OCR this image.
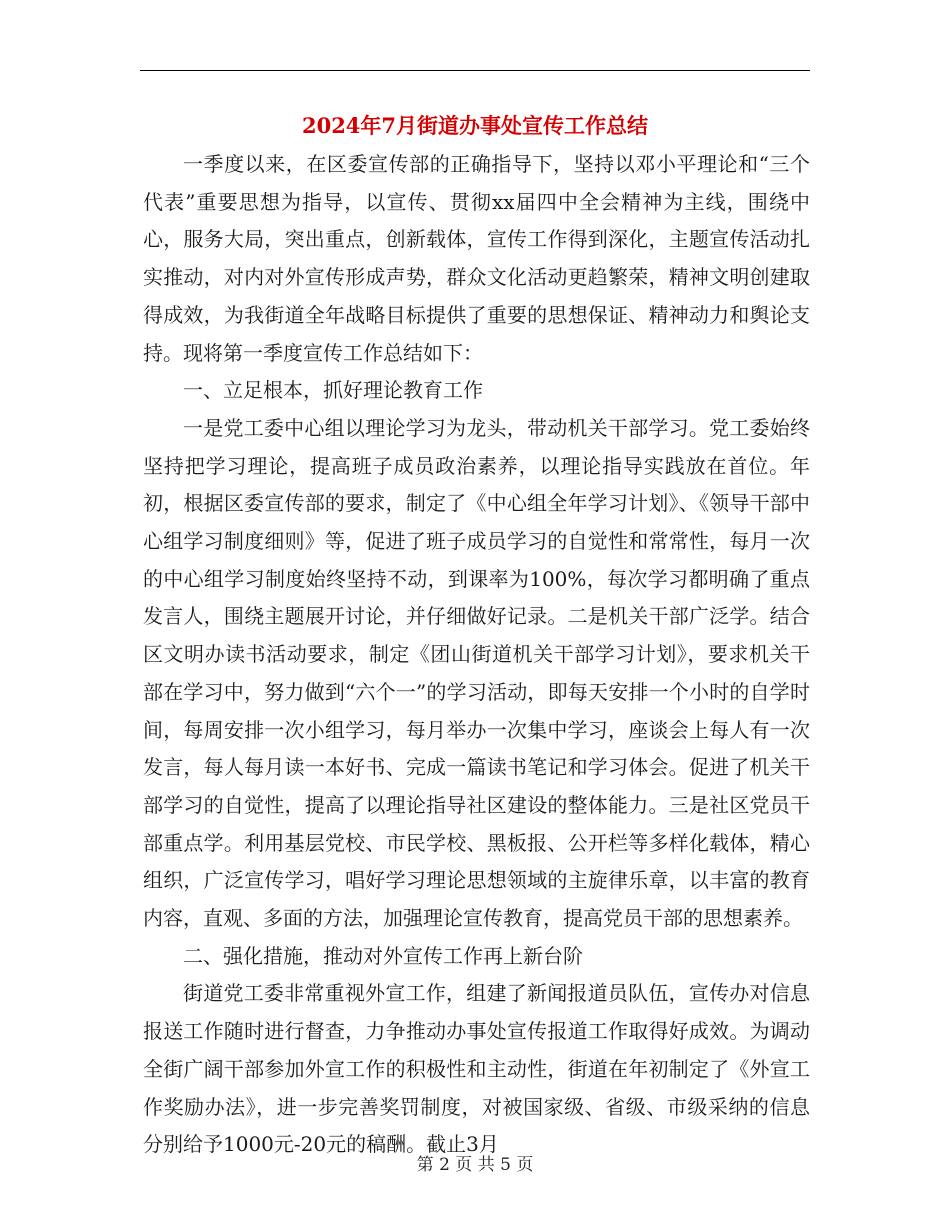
2024年7月街道办事处宣传工作总结

一季度以来，在区委宣传部的正确指导下，坚持以邓小平理论和“三个代表”重要思想为指导，以宣传、贯彻xx届四中全会精神为主线，围绕中心，服务大局，突出重点，创新载体，宣传工作得到深化，主题宣传活动扎实推动，对内对外宣传形成声势，群众文化活动更趋繁荣，精神文明创建取得成效，为我街道全年战略目标提供了重要的思想保证、精神动力和舆论支持。现将第一季度宣传工作总结如下：

一、立足根本，抓好理论教育工作

一是党工委中心组以理论学习为龙头，带动机关干部学习。党工委始终坚持把学习理论，提高班子成员政治素养，以理论指导实践放在首位。年初，根据区委宣传部的要求，制定了《中心组全年学习计划》、《领导干部中心组学习制度细则》等，促进了班子成员学习的自觉性和常常性，每月一次的中心组学习制度始终坚持不动，到课率为100%，每次学习都明确了重点发言人，围绕主题展开讨论，并仔细做好记录。二是机关干部广泛学。结合区文明办读书活动要求，制定《团山街道机关干部学习计划》，要求机关干部在学习中，努力做到“六个一”的学习活动，即每天安排一个小时的自学时间，每周安排一次小组学习，每月举办一次集中学习，座谈会上每人有一次发言，每人每月读一本好书、完成一篇读书笔记和学习体会。促进了机关干部学习的自觉性，提高了以理论指导社区建设的整体能力。三是社区党员干部重点学。利用基层党校、市民学校、黑板报、公开栏等多样化载体，精心组织，广泛宣传学习，唱好学习理论思想领域的主旋律乐章，以丰富的教育内容，直观、多面的方法，加强理论宣传教育，提高党员干部的思想素养。

二、强化措施，推动对外宣传工作再上新台阶

街道党工委非常重视外宣工作，组建了新闻报道员队伍，宣传办对信息报送工作随时进行督查，力争推动办事处宣传报道工作取得好成效。为调动全街广阔干部参加外宣工作的积极性和主动性，街道在年初制定了《外宣工作奖励办法》，进一步完善奖罚制度，对被国家级、省级、市级采纳的信息分别给予1000元-20元的稿酬。截止3月

第 2 页 共 5 页
